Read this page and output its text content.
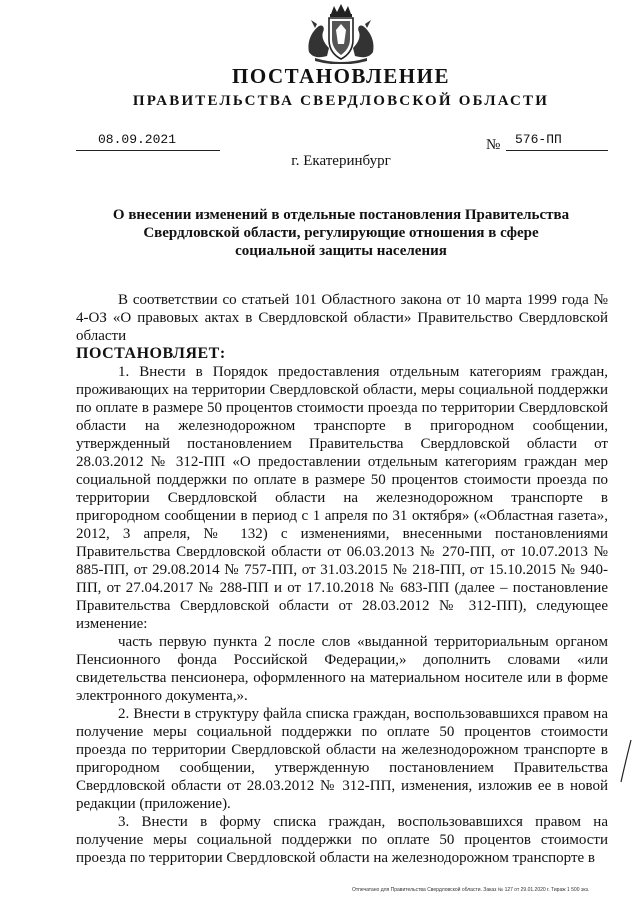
ПОСТАНОВЛЕНИЕ
ПРАВИТЕЛЬСТВА СВЕРДЛОВСКОЙ ОБЛАСТИ
08.09.2021	№ 576-ПП
г. Екатеринбург
О внесении изменений в отдельные постановления Правительства
Свердловской области, регулирующие отношения в сфере
социальной защиты населения

В соответствии со статьей 101 Областного закона от 10 марта 1999 года № 4-ОЗ «О правовых актах в Свердловской области» Правительство Свердловской области

ПОСТАНОВЛЯЕТ:

1. Внести в Порядок предоставления отдельным категориям граждан, проживающих на территории Свердловской области, меры социальной поддержки по оплате в размере 50 процентов стоимости проезда по территории Свердловской области на железнодорожном транспорте в пригородном сообщении, утвержденный постановлением Правительства Свердловской области от 28.03.2012 № 312-ПП «О предоставлении отдельным категориям граждан мер социальной поддержки по оплате в размере 50 процентов стоимости проезда по территории Свердловской области на железнодорожном транспорте в пригородном сообщении в период с 1 апреля по 31 октября» («Областная газета», 2012, 3 апреля, № 132) с изменениями, внесенными постановлениями Правительства Свердловской области от 06.03.2013 № 270-ПП, от 10.07.2013 № 885-ПП, от 29.08.2014 № 757-ПП, от 31.03.2015 № 218-ПП, от 15.10.2015 № 940-ПП, от 27.04.2017 № 288-ПП и от 17.10.2018 № 683-ПП (далее – постановление Правительства Свердловской области от 28.03.2012 № 312-ПП), следующее изменение:

часть первую пункта 2 после слов «выданной территориальным органом Пенсионного фонда Российской Федерации,» дополнить словами «или свидетельства пенсионера, оформленного на материальном носителе или в форме электронного документа,».

2. Внести в структуру файла списка граждан, воспользовавшихся правом на получение меры социальной поддержки по оплате 50 процентов стоимости проезда по территории Свердловской области на железнодорожном транспорте в пригородном сообщении, утвержденную постановлением Правительства Свердловской области от 28.03.2012 № 312-ПП, изменения, изложив ее в новой редакции (приложение).

3. Внести в форму списка граждан, воспользовавшихся правом на получение меры социальной поддержки по оплате 50 процентов стоимости проезда по территории Свердловской области на железнодорожном транспорте в

Отпечатано для Правительства Свердловской области. Заказ № 127 от 29.01.2020 г. Тираж 1 500 экз.
